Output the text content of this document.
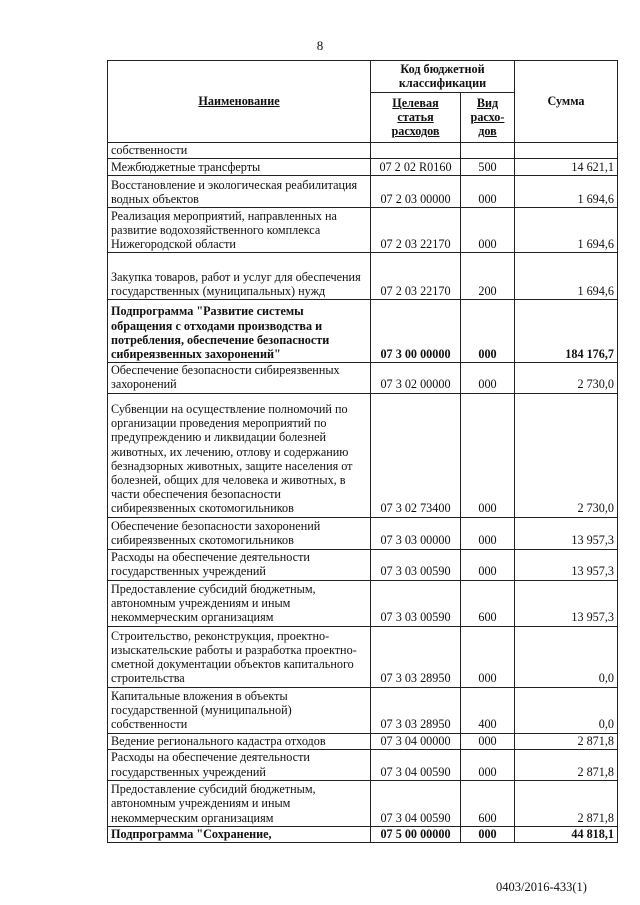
8
Наименование	Код бюджетной классификации		Сумма
	Целевая статья расходов	Вид расхо-дов	
собственности			
Межбюджетные трансферты	07 2 02 R0160	500	14 621,1
Восстановление и экологическая реабилитация водных объектов	07 2 03 00000	000	1 694,6
Реализация мероприятий, направленных на развитие водохозяйственного комплекса Нижегородской области	07 2 03 22170	000	1 694,6
Закупка товаров, работ и услуг для обеспечения государственных (муниципальных) нужд	07 2 03 22170	200	1 694,6
Подпрограмма "Развитие системы обращения с отходами производства и потребления, обеспечение безопасности сибиреязвенных захоронений"	07 3 00 00000	000	184 176,7
Обеспечение безопасности сибиреязвенных захоронений	07 3 02 00000	000	2 730,0
Субвенции на осуществление полномочий по организации проведения мероприятий по предупреждению и ликвидации болезней животных, их лечению, отлову и содержанию безнадзорных животных, защите населения от болезней, общих для человека и животных, в части обеспечения безопасности сибиреязвенных скотомогильников	07 3 02 73400	000	2 730,0
Обеспечение безопасности захоронений сибиреязвенных скотомогильников	07 3 03 00000	000	13 957,3
Расходы на обеспечение деятельности государственных учреждений	07 3 03 00590	000	13 957,3
Предоставление субсидий бюджетным, автономным учреждениям и иным некоммерческим организациям	07 3 03 00590	600	13 957,3
Строительство, реконструкция, проектно-изыскательские работы и разработка проектно-сметной документации объектов капитального строительства	07 3 03 28950	000	0,0
Капитальные вложения в объекты государственной (муниципальной) собственности	07 3 03 28950	400	0,0
Ведение регионального кадастра отходов	07 3 04 00000	000	2 871,8
Расходы на обеспечение деятельности государственных учреждений	07 3 04 00590	000	2 871,8
Предоставление субсидий бюджетным, автономным учреждениям и иным некоммерческим организациям	07 3 04 00590	600	2 871,8
Подпрограмма "Сохранение,	07 5 00 00000	000	44 818,1
0403/2016-433(1)
